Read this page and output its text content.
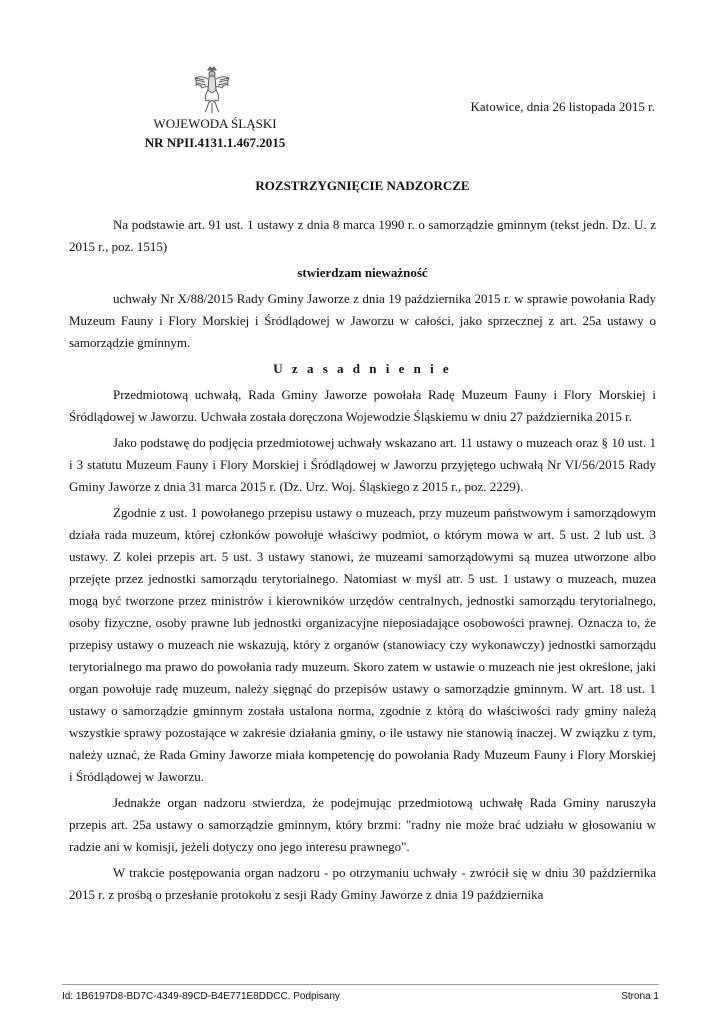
WOJEWODA ŚLĄSKI
NR NPII.4131.1.467.2015
Katowice, dnia 26 listopada 2015 r.
ROZSTRZYGNIĘCIE NADZORCZE

Na podstawie art. 91 ust. 1 ustawy z dnia 8 marca 1990 r. o samorządzie gminnym (tekst jedn. Dz. U. z 2015 r., poz. 1515)

stwierdzam nieważność

uchwały Nr X/88/2015 Rady Gminy Jaworze z dnia 19 października 2015 r. w sprawie powołania Rady Muzeum Fauny i Flory Morskiej i Śródlądowej w Jaworzu w całości, jako sprzecznej z art. 25a ustawy o samorządzie gminnym.

U z a s a d n i e n i e

Przedmiotową uchwałą, Rada Gminy Jaworze powołała Radę Muzeum Fauny i Flory Morskiej i Śródlądowej w Jaworzu. Uchwała została doręczona Wojewodzie Śląskiemu w dniu 27 października 2015 r.

Jako podstawę do podjęcia przedmiotowej uchwały wskazano art. 11 ustawy o muzeach oraz § 10 ust. 1 i 3 statutu Muzeum Fauny i Flory Morskiej i Śródlądowej w Jaworzu przyjętego uchwałą Nr VI/56/2015 Rady Gminy Jaworze z dnia 31 marca 2015 r. (Dz. Urz. Woj. Śląskiego z 2015 r., poz. 2229).

Zgodnie z ust. 1 powołanego przepisu ustawy o muzeach, przy muzeum państwowym i samorządowym działa rada muzeum, której członków powołuje właściwy podmiot, o którym mowa w art. 5 ust. 2 lub ust. 3 ustawy. Z kolei przepis art. 5 ust. 3 ustawy stanowi, że muzeami samorządowymi są muzea utworzone albo przejęte przez jednostki samorządu terytorialnego. Natomiast w myśl atr. 5 ust. 1 ustawy o muzeach, muzea mogą być tworzone przez ministrów i kierowników urzędów centralnych, jednostki samorządu terytorialnego, osoby fizyczne, osoby prawne lub jednostki organizacyjne nieposiadające osobowości prawnej. Oznacza to, że przepisy ustawy o muzeach nie wskazują, który z organów (stanowiacy czy wykonawczy) jednostki samorządu terytorialnego ma prawo do powołania rady muzeum. Skoro zatem w ustawie o muzeach nie jest określone, jaki organ powołuje radę muzeum, należy sięgnąć do przepisów ustawy o samorządzie gminnym. W art. 18 ust. 1 ustawy o samorządzie gminnym została ustalona norma, zgodnie z którą do właściwości rady gminy należą wszystkie sprawy pozostające w zakresie działania gminy, o ile ustawy nie stanowią inaczej. W związku z tym, należy uznać, że Rada Gminy Jaworze miała kompetencję do powołania Rady Muzeum Fauny i Flory Morskiej i Śródlądowej w Jaworzu.

Jednakże organ nadzoru stwierdza, że podejmując przedmiotową uchwałę Rada Gminy naruszyła przepis art. 25a ustawy o samorządzie gminnym, który brzmi: "radny nie może brać udziału w głosowaniu w radzie ani w komisji, jeżeli dotyczy ono jego interesu prawnego".

W trakcie postępowania organ nadzoru - po otrzymaniu uchwały - zwrócił się w dniu 30 października 2015 r. z prośbą o przesłanie protokołu z sesji Rady Gminy Jaworze z dnia 19 października

Id: 1B6197D8-BD7C-4349-89CD-B4E771E8DDCC. Podpisany	Strona 1
